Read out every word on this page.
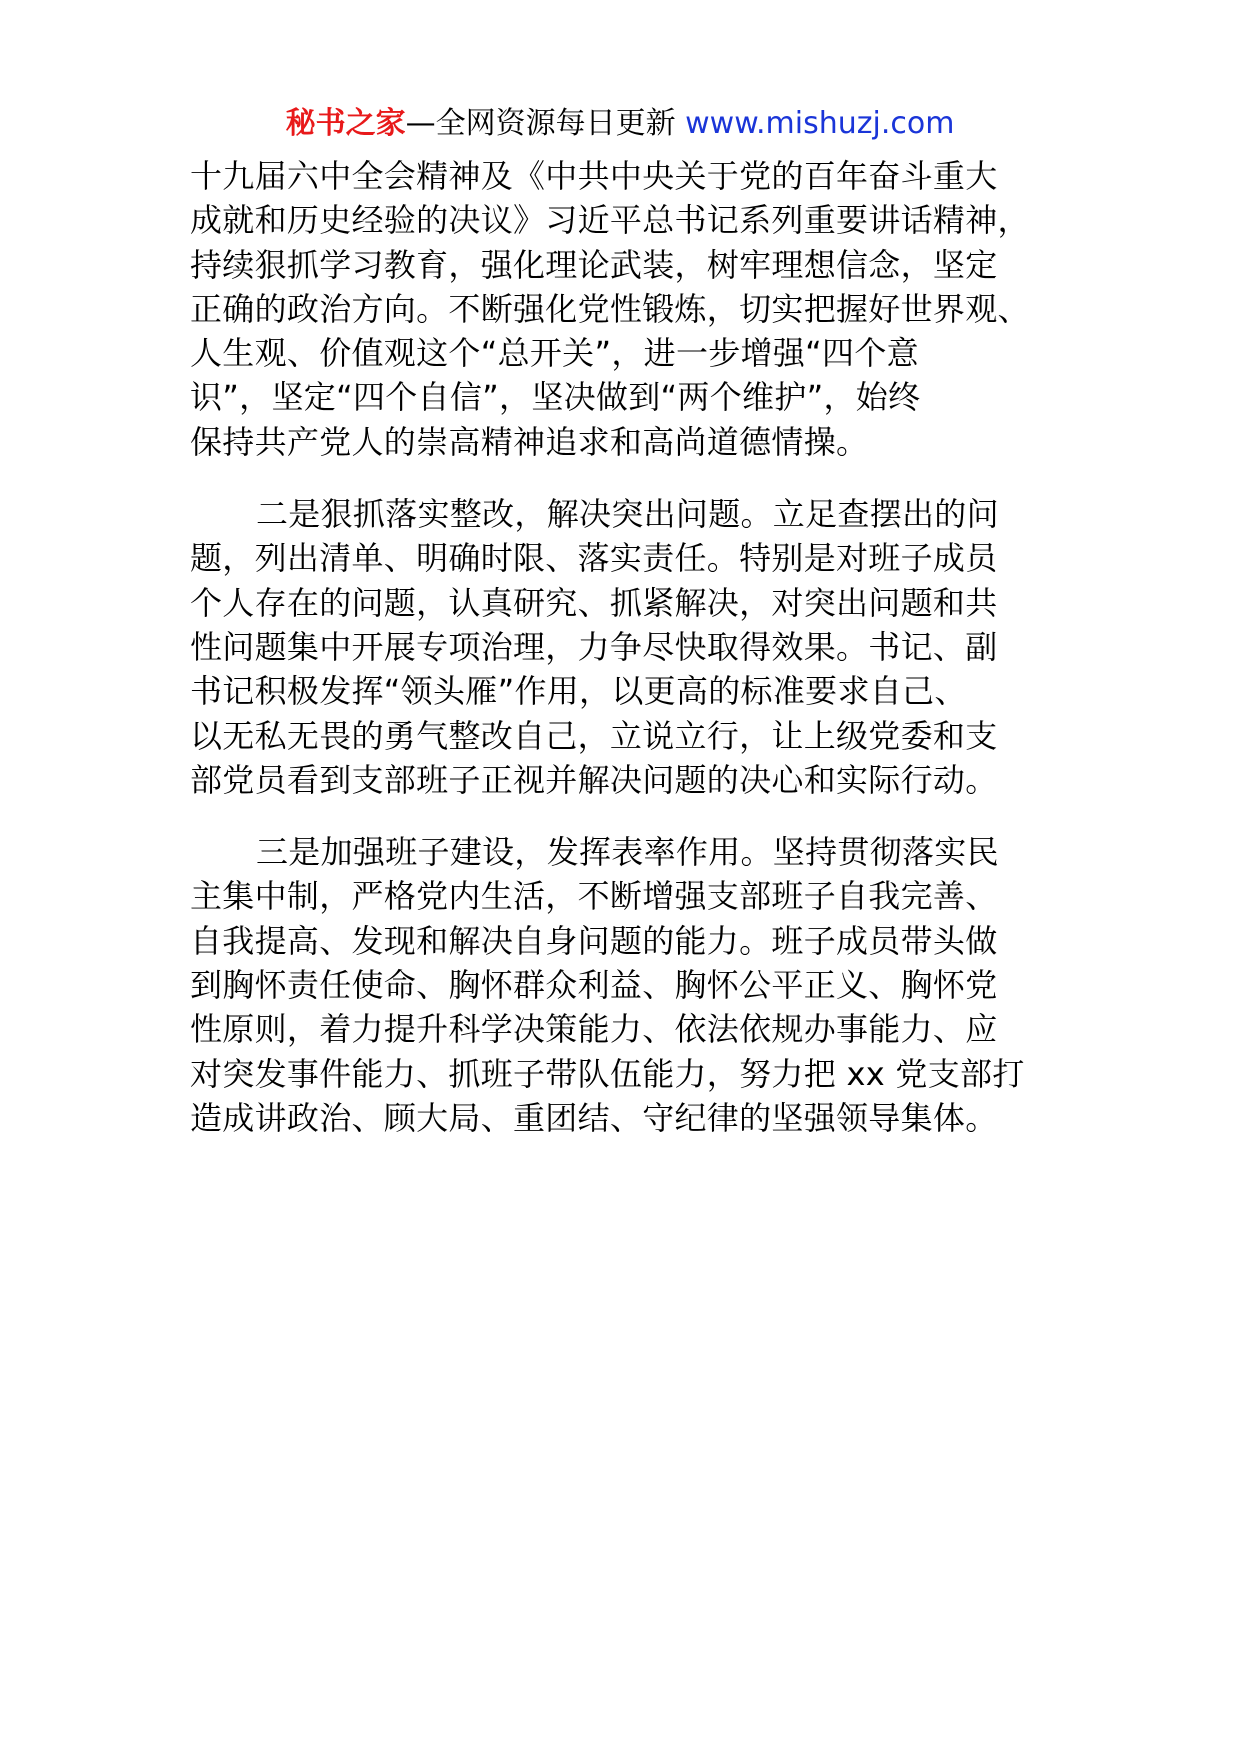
秘书之家—全网资源每日更新 www.mishuzj.com

十九届六中全会精神及《中共中央关于党的百年奋斗重大
成就和历史经验的决议》习近平总书记系列重要讲话精神，
持续狠抓学习教育，强化理论武装，树牢理想信念，坚定
正确的政治方向。不断强化党性锻炼，切实把握好世界观、
人生观、价值观这个“总开关”，进一步增强“四个意
识”，坚定“四个自信”，坚决做到“两个维护”，始终
保持共产党人的崇高精神追求和高尚道德情操。

二是狠抓落实整改，解决突出问题。立足查摆出的问
题，列出清单、明确时限、落实责任。特别是对班子成员
个人存在的问题，认真研究、抓紧解决，对突出问题和共
性问题集中开展专项治理，力争尽快取得效果。书记、副
书记积极发挥“领头雁”作用，以更高的标准要求自己、
以无私无畏的勇气整改自己，立说立行，让上级党委和支
部党员看到支部班子正视并解决问题的决心和实际行动。

三是加强班子建设，发挥表率作用。坚持贯彻落实民
主集中制，严格党内生活，不断增强支部班子自我完善、
自我提高、发现和解决自身问题的能力。班子成员带头做
到胸怀责任使命、胸怀群众利益、胸怀公平正义、胸怀党
性原则，着力提升科学决策能力、依法依规办事能力、应
对突发事件能力、抓班子带队伍能力，努力把 xx 党支部打
造成讲政治、顾大局、重团结、守纪律的坚强领导集体。
